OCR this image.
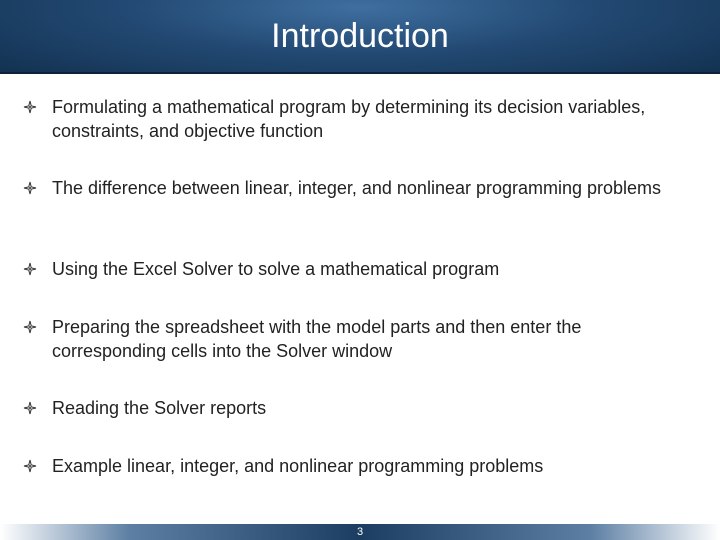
Introduction
Formulating a mathematical program by determining its decision variables, constraints, and objective function
The difference between linear, integer, and nonlinear programming problems
Using the Excel Solver to solve a mathematical program
Preparing the spreadsheet with the model parts and then enter the corresponding cells into the Solver window
Reading the Solver reports
Example linear, integer, and nonlinear programming problems
3
